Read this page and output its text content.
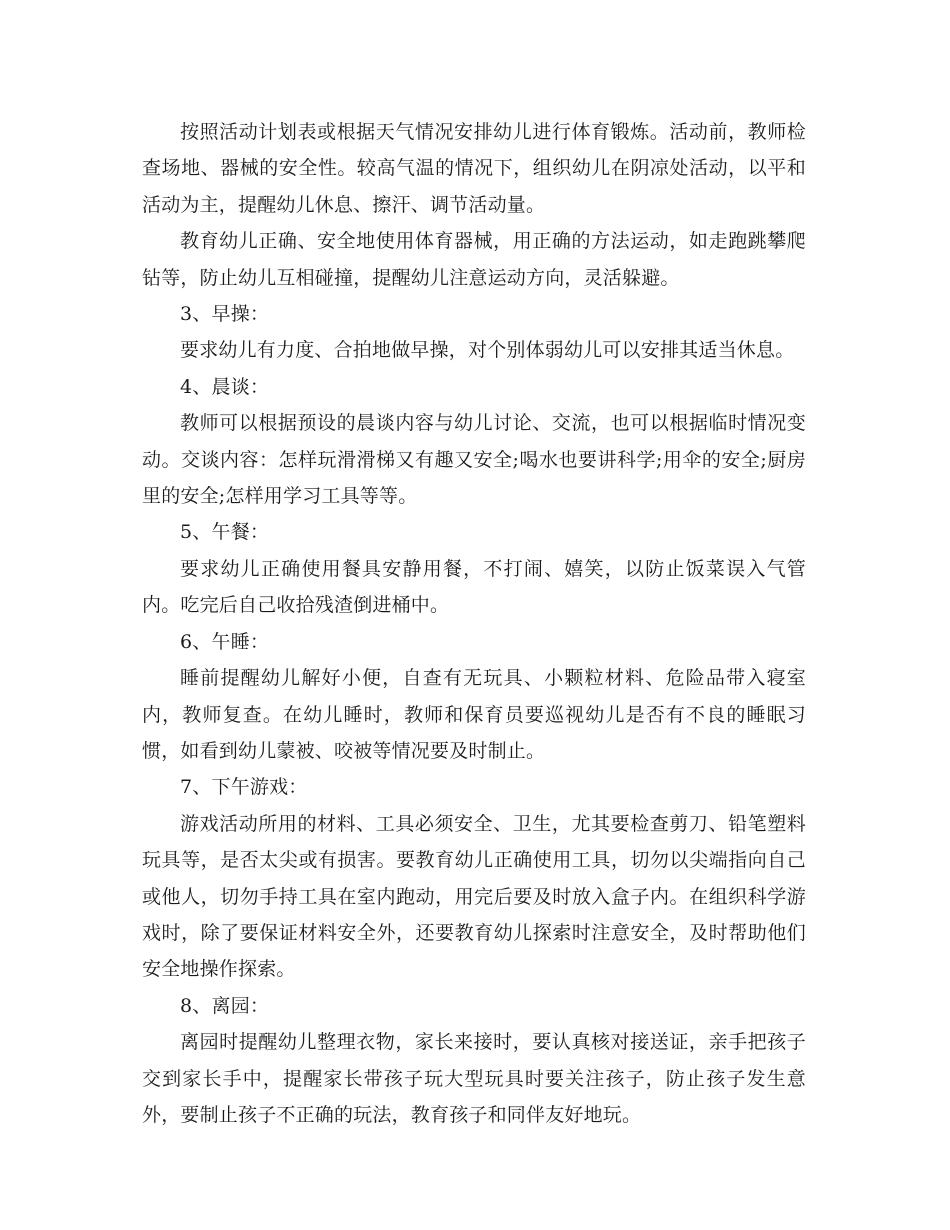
按照活动计划表或根据天气情况安排幼儿进行体育锻炼。活动前，教师检查场地、器械的安全性。较高气温的情况下，组织幼儿在阴凉处活动，以平和活动为主，提醒幼儿休息、擦汗、调节活动量。

教育幼儿正确、安全地使用体育器械，用正确的方法运动，如走跑跳攀爬钻等，防止幼儿互相碰撞，提醒幼儿注意运动方向，灵活躲避。

3、早操：

要求幼儿有力度、合拍地做早操，对个别体弱幼儿可以安排其适当休息。

4、晨谈：

教师可以根据预设的晨谈内容与幼儿讨论、交流，也可以根据临时情况变动。交谈内容：怎样玩滑滑梯又有趣又安全;喝水也要讲科学;用伞的安全;厨房里的安全;怎样用学习工具等等。

5、午餐：

要求幼儿正确使用餐具安静用餐，不打闹、嬉笑，以防止饭菜误入气管内。吃完后自己收拾残渣倒进桶中。

6、午睡：

睡前提醒幼儿解好小便，自查有无玩具、小颗粒材料、危险品带入寝室内，教师复查。在幼儿睡时，教师和保育员要巡视幼儿是否有不良的睡眠习惯，如看到幼儿蒙被、咬被等情况要及时制止。

7、下午游戏：

游戏活动所用的材料、工具必须安全、卫生，尤其要检查剪刀、铅笔塑料玩具等，是否太尖或有损害。要教育幼儿正确使用工具，切勿以尖端指向自己或他人，切勿手持工具在室内跑动，用完后要及时放入盒子内。在组织科学游戏时，除了要保证材料安全外，还要教育幼儿探索时注意安全，及时帮助他们安全地操作探索。

8、离园：

离园时提醒幼儿整理衣物，家长来接时，要认真核对接送证，亲手把孩子交到家长手中，提醒家长带孩子玩大型玩具时要关注孩子，防止孩子发生意外，要制止孩子不正确的玩法，教育孩子和同伴友好地玩。
